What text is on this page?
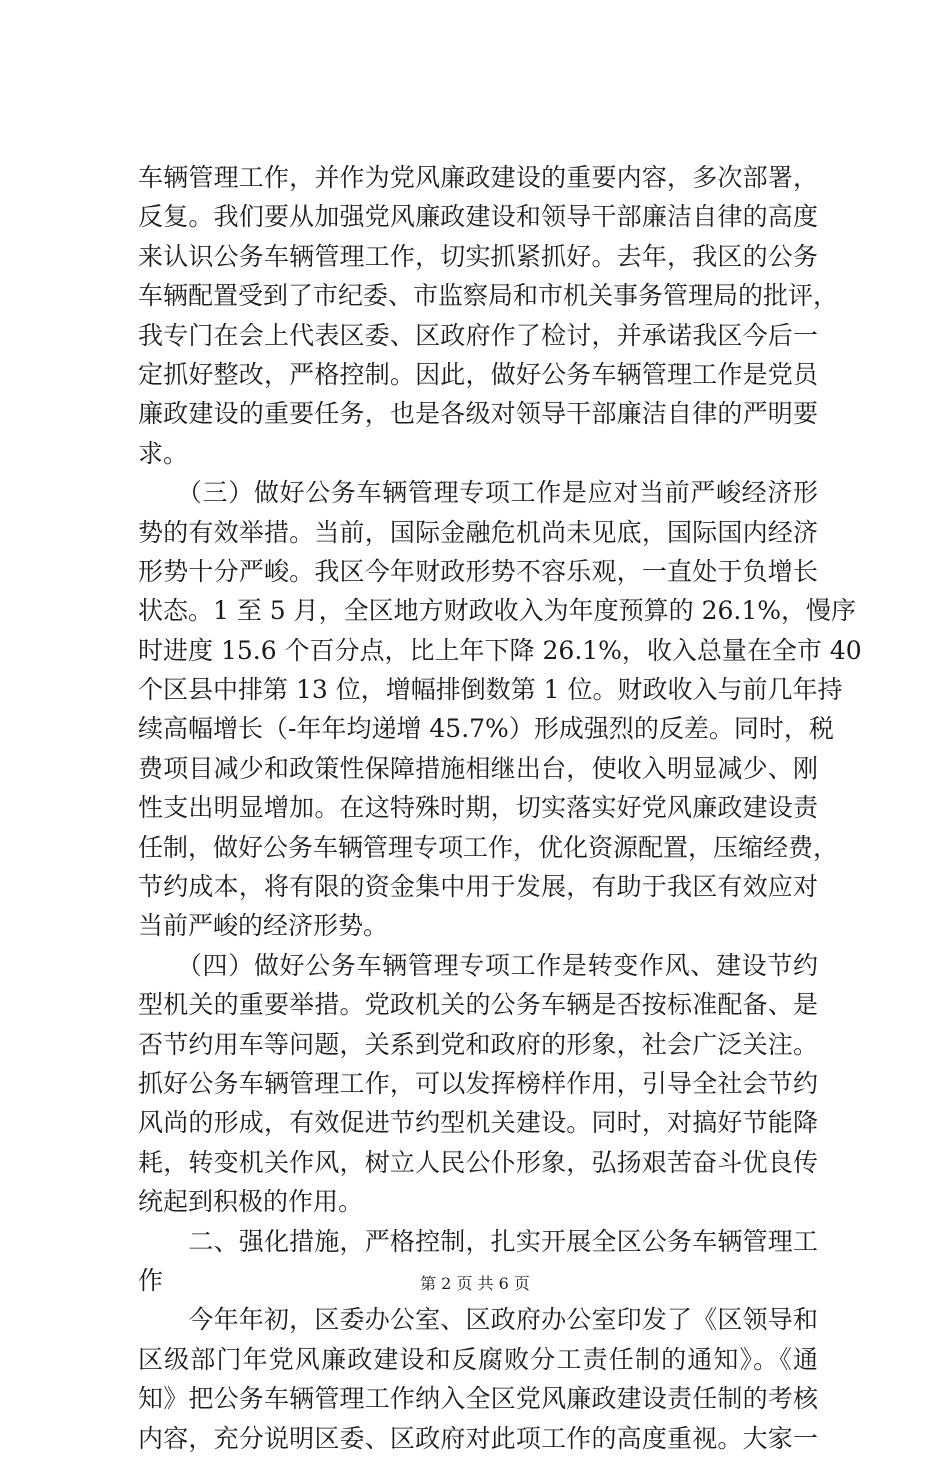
车辆管理工作，并作为党风廉政建设的重要内容，多次部署，
反复。我们要从加强党风廉政建设和领导干部廉洁自律的高度
来认识公务车辆管理工作，切实抓紧抓好。去年，我区的公务
车辆配置受到了市纪委、市监察局和市机关事务管理局的批评，
我专门在会上代表区委、区政府作了检讨，并承诺我区今后一
定抓好整改，严格控制。因此，做好公务车辆管理工作是党员
廉政建设的重要任务，也是各级对领导干部廉洁自律的严明要
求。
　　（三）做好公务车辆管理专项工作是应对当前严峻经济形
势的有效举措。当前，国际金融危机尚未见底，国际国内经济
形势十分严峻。我区今年财政形势不容乐观，一直处于负增长
状态。1 至 5 月，全区地方财政收入为年度预算的 26.1%，慢序
时进度 15.6 个百分点，比上年下降 26.1%，收入总量在全市 40
个区县中排第 13 位，增幅排倒数第 1 位。财政收入与前几年持
续高幅增长（-年年均递增 45.7%）形成强烈的反差。同时，税
费项目减少和政策性保障措施相继出台，使收入明显减少、刚
性支出明显增加。在这特殊时期，切实落实好党风廉政建设责
任制，做好公务车辆管理专项工作，优化资源配置，压缩经费，
节约成本，将有限的资金集中用于发展，有助于我区有效应对
当前严峻的经济形势。
　　（四）做好公务车辆管理专项工作是转变作风、建设节约
型机关的重要举措。党政机关的公务车辆是否按标准配备、是
否节约用车等问题，关系到党和政府的形象，社会广泛关注。
抓好公务车辆管理工作，可以发挥榜样作用，引导全社会节约
风尚的形成，有效促进节约型机关建设。同时，对搞好节能降
耗，转变机关作风，树立人民公仆形象，弘扬艰苦奋斗优良传
统起到积极的作用。
　　二、强化措施，严格控制，扎实开展全区公务车辆管理工
作
　　今年年初，区委办公室、区政府办公室印发了《区领导和
区级部门年党风廉政建设和反腐败分工责任制的通知》。《通
知》把公务车辆管理工作纳入全区党风廉政建设责任制的考核
内容，充分说明区委、区政府对此项工作的高度重视。大家一
第 2 页 共 6 页
